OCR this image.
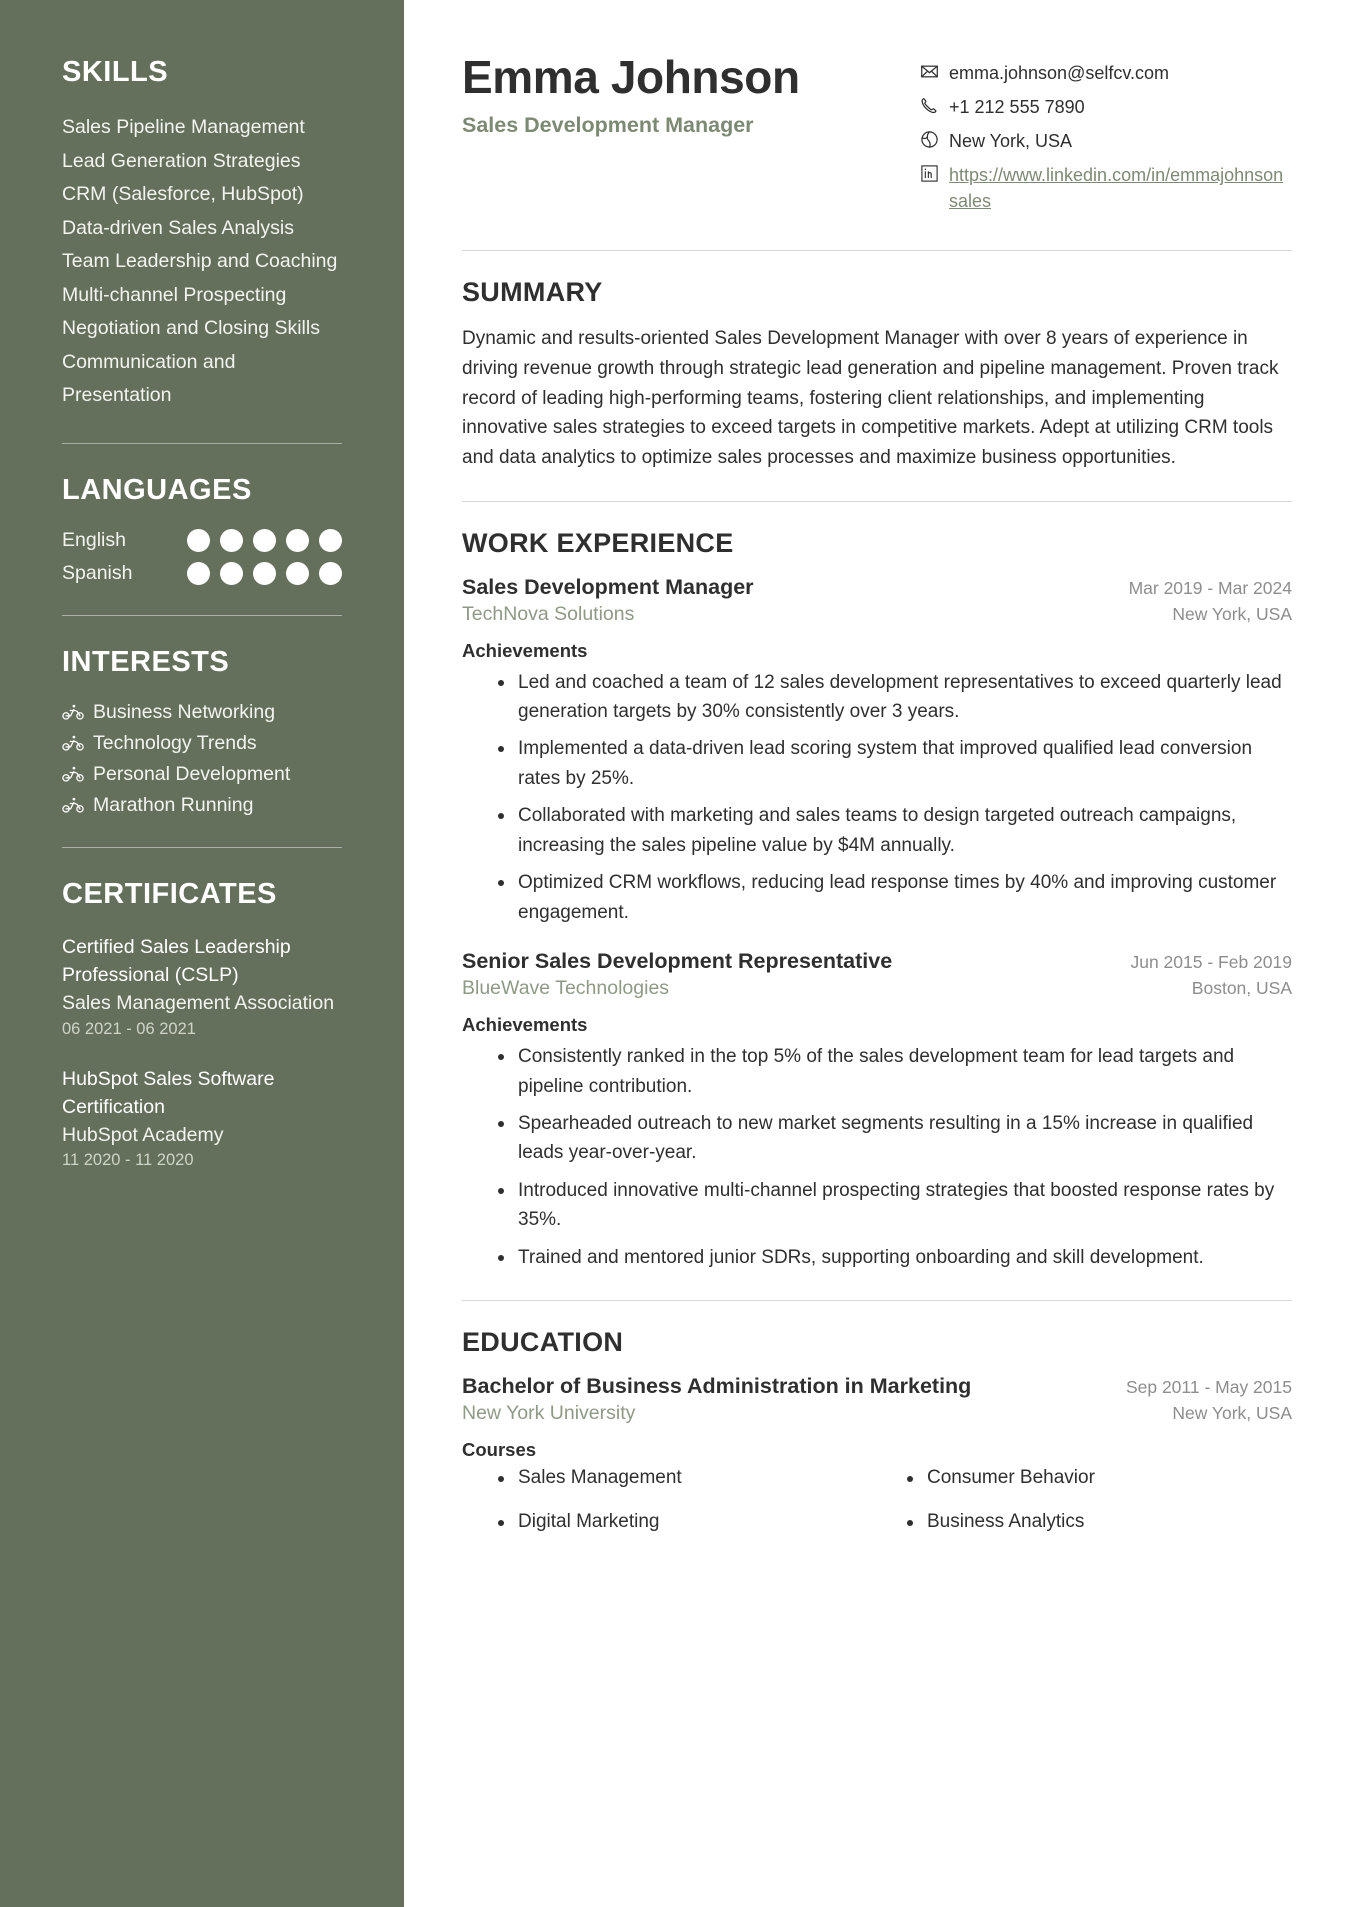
SKILLS
Sales Pipeline Management
Lead Generation Strategies
CRM (Salesforce, HubSpot)
Data-driven Sales Analysis
Team Leadership and Coaching
Multi-channel Prospecting
Negotiation and Closing Skills
Communication and Presentation
LANGUAGES
English
Spanish
INTERESTS
Business Networking
Technology Trends
Personal Development
Marathon Running
CERTIFICATES
Certified Sales Leadership Professional (CSLP)
Sales Management Association
06 2021 - 06 2021
HubSpot Sales Software Certification
HubSpot Academy
11 2020 - 11 2020
Emma Johnson
Sales Development Manager
emma.johnson@selfcv.com
+1 212 555 7890
New York, USA
https://www.linkedin.com/in/emmajohnsonsales
SUMMARY

Dynamic and results-oriented Sales Development Manager with over 8 years of experience in driving revenue growth through strategic lead generation and pipeline management. Proven track record of leading high-performing teams, fostering client relationships, and implementing innovative sales strategies to exceed targets in competitive markets. Adept at utilizing CRM tools and data analytics to optimize sales processes and maximize business opportunities.

WORK EXPERIENCE
Sales Development Manager	Mar 2019 - Mar 2024
TechNova Solutions	New York, USA
Achievements
Led and coached a team of 12 sales development representatives to exceed quarterly lead generation targets by 30% consistently over 3 years.
Implemented a data-driven lead scoring system that improved qualified lead conversion rates by 25%.
Collaborated with marketing and sales teams to design targeted outreach campaigns, increasing the sales pipeline value by $4M annually.
Optimized CRM workflows, reducing lead response times by 40% and improving customer engagement.
Senior Sales Development Representative	Jun 2015 - Feb 2019
BlueWave Technologies	Boston, USA
Achievements
Consistently ranked in the top 5% of the sales development team for lead targets and pipeline contribution.
Spearheaded outreach to new market segments resulting in a 15% increase in qualified leads year-over-year.
Introduced innovative multi-channel prospecting strategies that boosted response rates by 35%.
Trained and mentored junior SDRs, supporting onboarding and skill development.
EDUCATION
Bachelor of Business Administration in Marketing	Sep 2011 - May 2015
New York University	New York, USA
Courses
Sales Management	Consumer Behavior
Digital Marketing	Business Analytics
